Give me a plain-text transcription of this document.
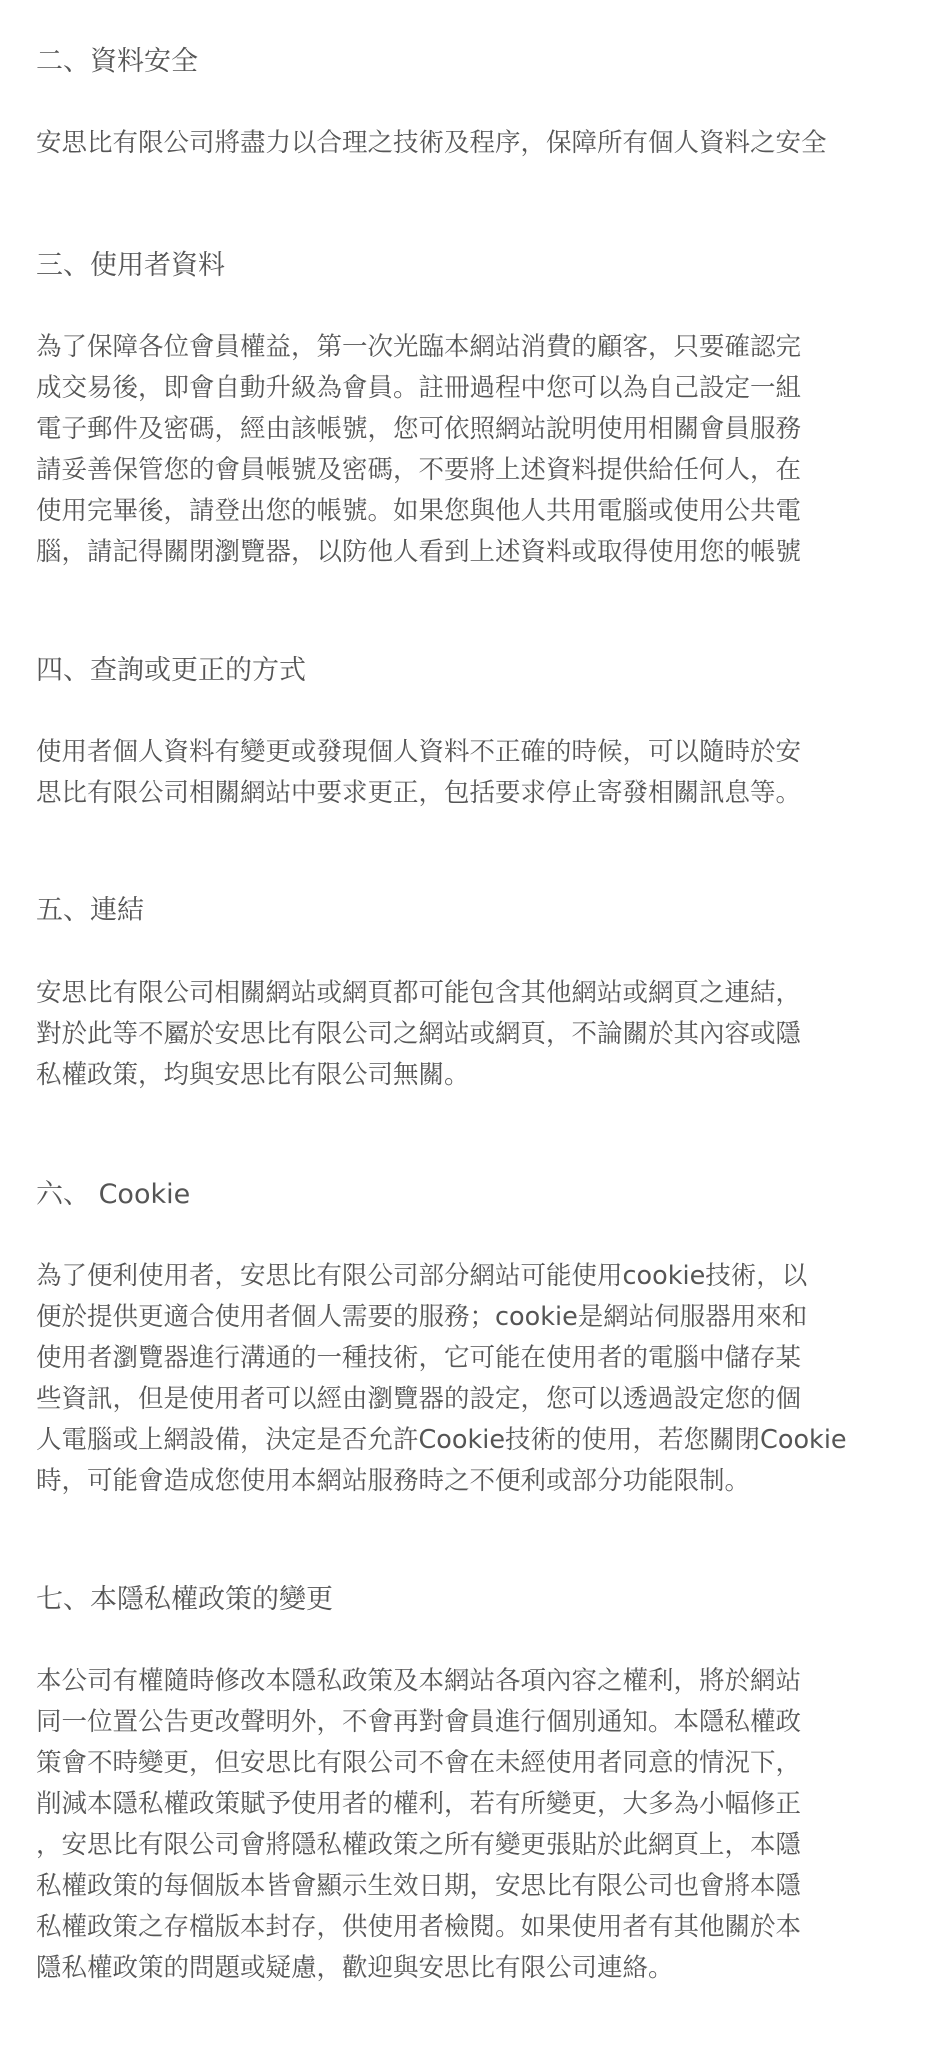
二、資料安全
安思比有限公司將盡力以合理之技術及程序，保障所有個人資料之安全
三、使用者資料
為了保障各位會員權益，第一次光臨本網站消費的顧客，只要確認完
成交易後，即會自動升級為會員。註冊過程中您可以為自己設定一組
電子郵件及密碼，經由該帳號，您可依照網站說明使用相關會員服務
請妥善保管您的會員帳號及密碼，不要將上述資料提供給任何人，在
使用完畢後，請登出您的帳號。如果您與他人共用電腦或使用公共電
腦，請記得關閉瀏覽器，以防他人看到上述資料或取得使用您的帳號
四、查詢或更正的方式
使用者個人資料有變更或發現個人資料不正確的時候，可以隨時於安
思比有限公司相關網站中要求更正，包括要求停止寄發相關訊息等。
五、連結
安思比有限公司相關網站或網頁都可能包含其他網站或網頁之連結，
對於此等不屬於安思比有限公司之網站或網頁，不論關於其內容或隱
私權政策，均與安思比有限公司無關。
六、 Cookie
為了便利使用者，安思比有限公司部分網站可能使用cookie技術，以
便於提供更適合使用者個人需要的服務；cookie是網站伺服器用來和
使用者瀏覽器進行溝通的一種技術，它可能在使用者的電腦中儲存某
些資訊，但是使用者可以經由瀏覽器的設定，您可以透過設定您的個
人電腦或上網設備，決定是否允許Cookie技術的使用，若您關閉Cookie
時，可能會造成您使用本網站服務時之不便利或部分功能限制。
七、本隱私權政策的變更
本公司有權隨時修改本隱私政策及本網站各項內容之權利，將於網站
同一位置公告更改聲明外，不會再對會員進行個別通知。本隱私權政
策會不時變更，但安思比有限公司不會在未經使用者同意的情況下，
削減本隱私權政策賦予使用者的權利，若有所變更，大多為小幅修正
，安思比有限公司會將隱私權政策之所有變更張貼於此網頁上，本隱
私權政策的每個版本皆會顯示生效日期，安思比有限公司也會將本隱
私權政策之存檔版本封存，供使用者檢閱。如果使用者有其他關於本
隱私權政策的問題或疑慮，歡迎與安思比有限公司連絡。
